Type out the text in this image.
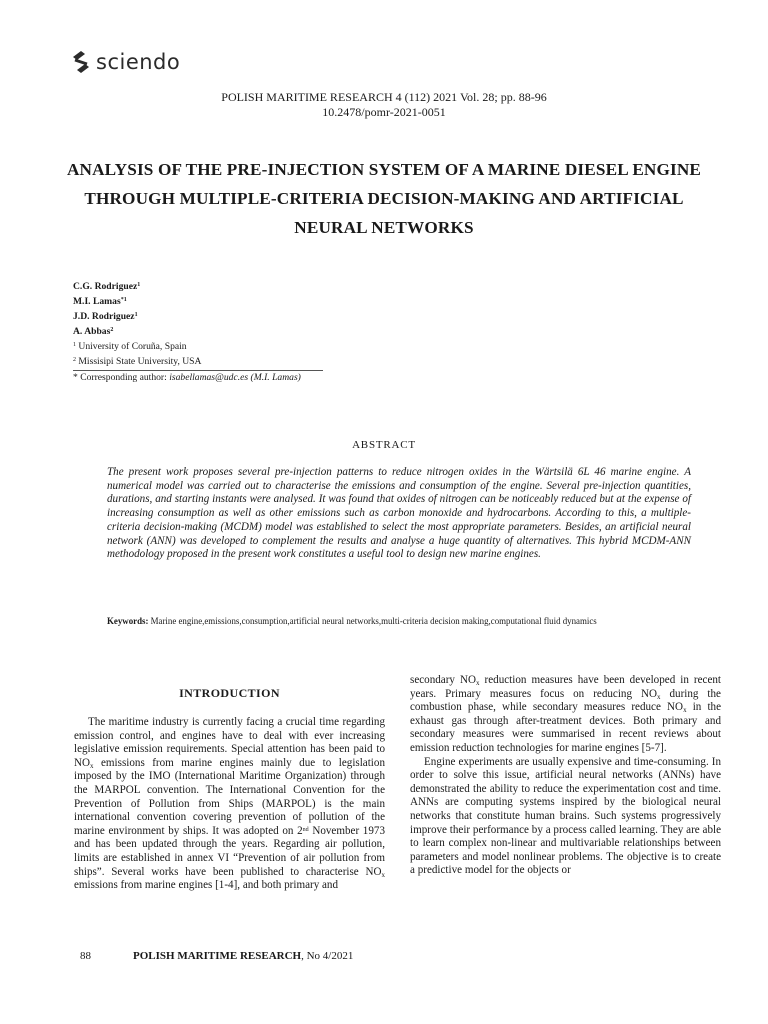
sciendo
POLISH MARITIME RESEARCH 4 (112) 2021 Vol. 28; pp. 88-96
10.2478/pomr-2021-0051
ANALYSIS OF THE PRE-INJECTION SYSTEM OF A MARINE DIESEL ENGINE THROUGH MULTIPLE-CRITERIA DECISION-MAKING AND ARTIFICIAL NEURAL NETWORKS
C.G. Rodriguez$^1$
M.I. Lamas$^{*1}$
J.D. Rodriguez$^1$
A. Abbas$^2$
$^1$ University of Coruña, Spain
$^2$ Missisipi State University, USA
* Corresponding author: isabellamas@udc.es (M.I. Lamas)
ABSTRACT
The present work proposes several pre-injection patterns to reduce nitrogen oxides in the Wärtsilä 6L 46 marine engine. A numerical model was carried out to characterise the emissions and consumption of the engine. Several pre-injection quantities, durations, and starting instants were analysed. It was found that oxides of nitrogen can be noticeably reduced but at the expense of increasing consumption as well as other emissions such as carbon monoxide and hydrocarbons. According to this, a multiple-criteria decision-making (MCDM) model was established to select the most appropriate parameters. Besides, an artificial neural network (ANN) was developed to complement the results and analyse a huge quantity of alternatives. This hybrid MCDM-ANN methodology proposed in the present work constitutes a useful tool to design new marine engines.
Keywords: Marine engine,emissions,consumption,artificial neural networks,multi-criteria decision making,computational fluid dynamics
INTRODUCTION

The maritime industry is currently facing a crucial time regarding emission control, and engines have to deal with ever increasing legislative emission requirements. Special attention has been paid to $NO_x$ emissions from marine engines mainly due to legislation imposed by the IMO (International Maritime Organization) through the MARPOL convention. The International Convention for the Prevention of Pollution from Ships (MARPOL) is the main international convention covering prevention of pollution of the marine environment by ships. It was adopted on 2nd November 1973 and has been updated through the years. Regarding air pollution, limits are established in annex VI “Prevention of air pollution from ships”. Several works have been published to characterise $NO_x$ emissions from marine engines [1-4], and both primary and

secondary $NO_x$ reduction measures have been developed in recent years. Primary measures focus on reducing $NO_x$ during the combustion phase, while secondary measures reduce $NO_x$ in the exhaust gas through after-treatment devices. Both primary and secondary measures were summarised in recent reviews about emission reduction technologies for marine engines [5-7].

Engine experiments are usually expensive and time-consuming. In order to solve this issue, artificial neural networks (ANNs) have demonstrated the ability to reduce the experimentation cost and time. ANNs are computing systems inspired by the biological neural networks that constitute human brains. Such systems progressively improve their performance by a process called learning. They are able to learn complex non-linear and multivariable relationships between parameters and model nonlinear problems. The objective is to create a predictive model for the objects or

88	POLISH MARITIME RESEARCH, No 4/2021
